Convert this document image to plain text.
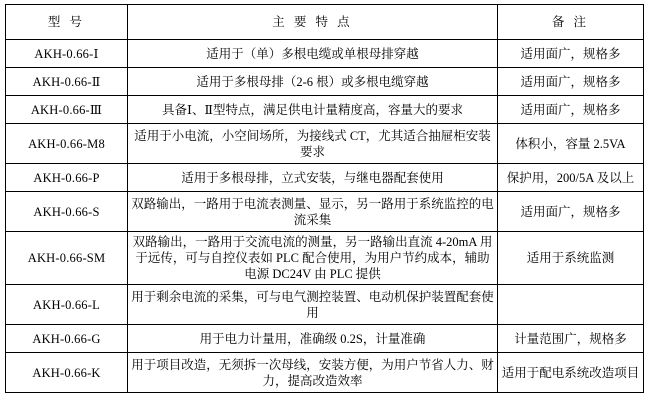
型 号	主 要 特 点	备 注
AKH-0.66-Ⅰ	适用于（单）多根电缆或单根母排穿越	适用面广，规格多
AKH-0.66-Ⅱ	适用于多根母排（2-6 根）或多根电缆穿越	适用面广，规格多
AKH-0.66-Ⅲ	具备Ⅰ、Ⅱ型特点，满足供电计量精度高，容量大的要求	适用面广，规格多
AKH-0.66-M8	适用于小电流，小空间场所，为接线式 CT，尤其适合抽屉柜安装要求	体积小，容量 2.5VA
AKH-0.66-P	适用于多根母排，立式安装，与继电器配套使用	保护用，200/5A 及以上
AKH-0.66-S	双路输出，一路用于电流表测量、显示，另一路用于系统监控的电流采集	适用面广，规格多
AKH-0.66-SM	双路输出，一路用于交流电流的测量，另一路输出直流 4-20mA 用于远传，可与自控仪表如 PLC 配合使用，为用户节约成本，辅助电源 DC24V 由 PLC 提供	适用于系统监测
AKH-0.66-L	用于剩余电流的采集，可与电气测控装置、电动机保护装置配套使用	
AKH-0.66-G	用于电力计量用，准确级 0.2S，计量准确	计量范围广，规格多
AKH-0.66-K	用于项目改造，无须拆一次母线，安装方便，为用户节省人力、财力，提高改造效率	适用于配电系统改造项目
